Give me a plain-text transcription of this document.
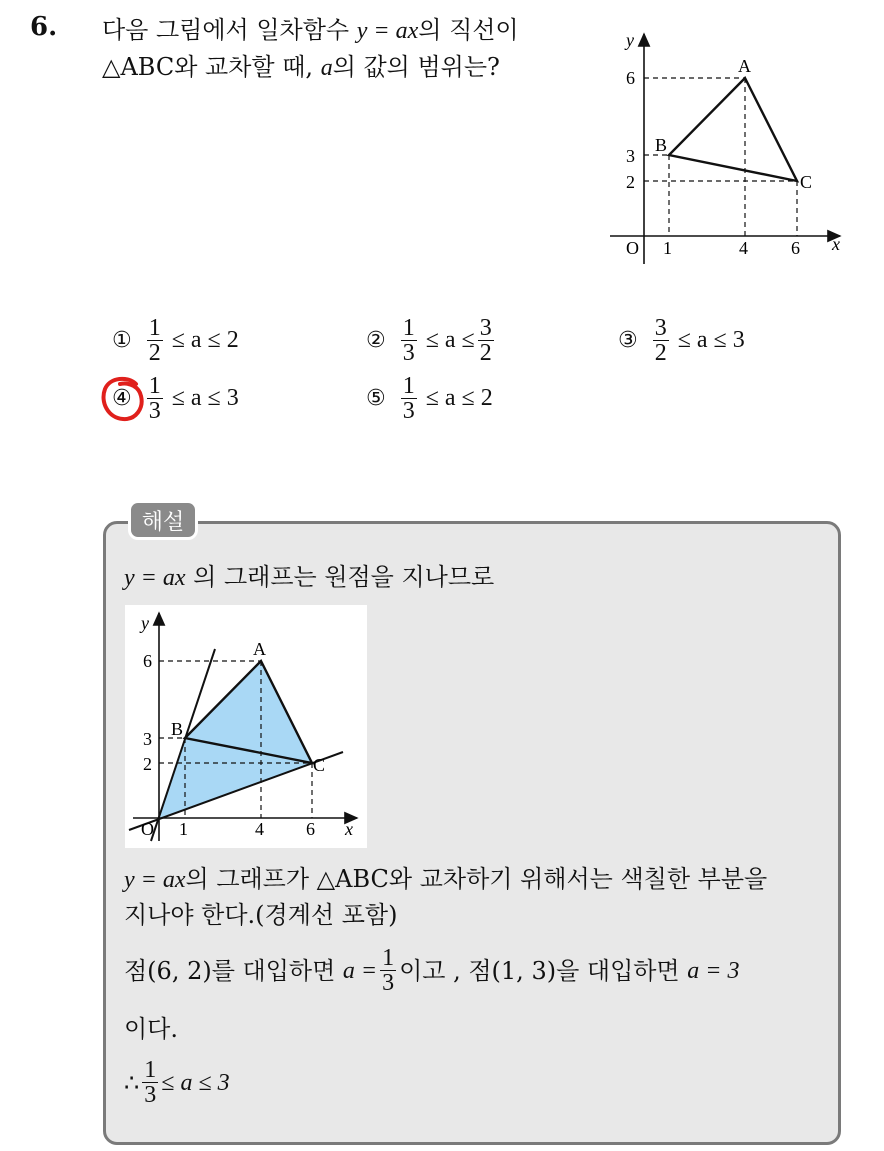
6. 다음 그림에서 일차함수 y = ax의 직선이
△ABC와 교차할 때, a의 값의 범위는?
y
x
O 1	4 6
6
3
2
A
B
C
① $\frac{1}{2} \le a$ ≤
2	② $\frac{1}{3} \le a \le \frac{3}{2}$	③ $\frac{3}{2} \le a$ ≤
3
④ $\frac{1}{3} \le a$ ≤
3	⑤ $\frac{1}{3} \le a$ ≤
2
해설
y = ax 의 그래프는 원점을 지나므로
y
x
O 1	4 6
6
3
2
A
B
C
y = ax의 그래프가 △ABC와 교차하기 위해서는 색칠한 부분을
지나야 한다.(경계선 포함)
점(6, 2)를 대입하면
$a = \frac{1}{3}$ 이고 , 점(1, 3)을 대입하면
a = 3
이다.
∴ $\frac{1}{3} \le a \le 3$
